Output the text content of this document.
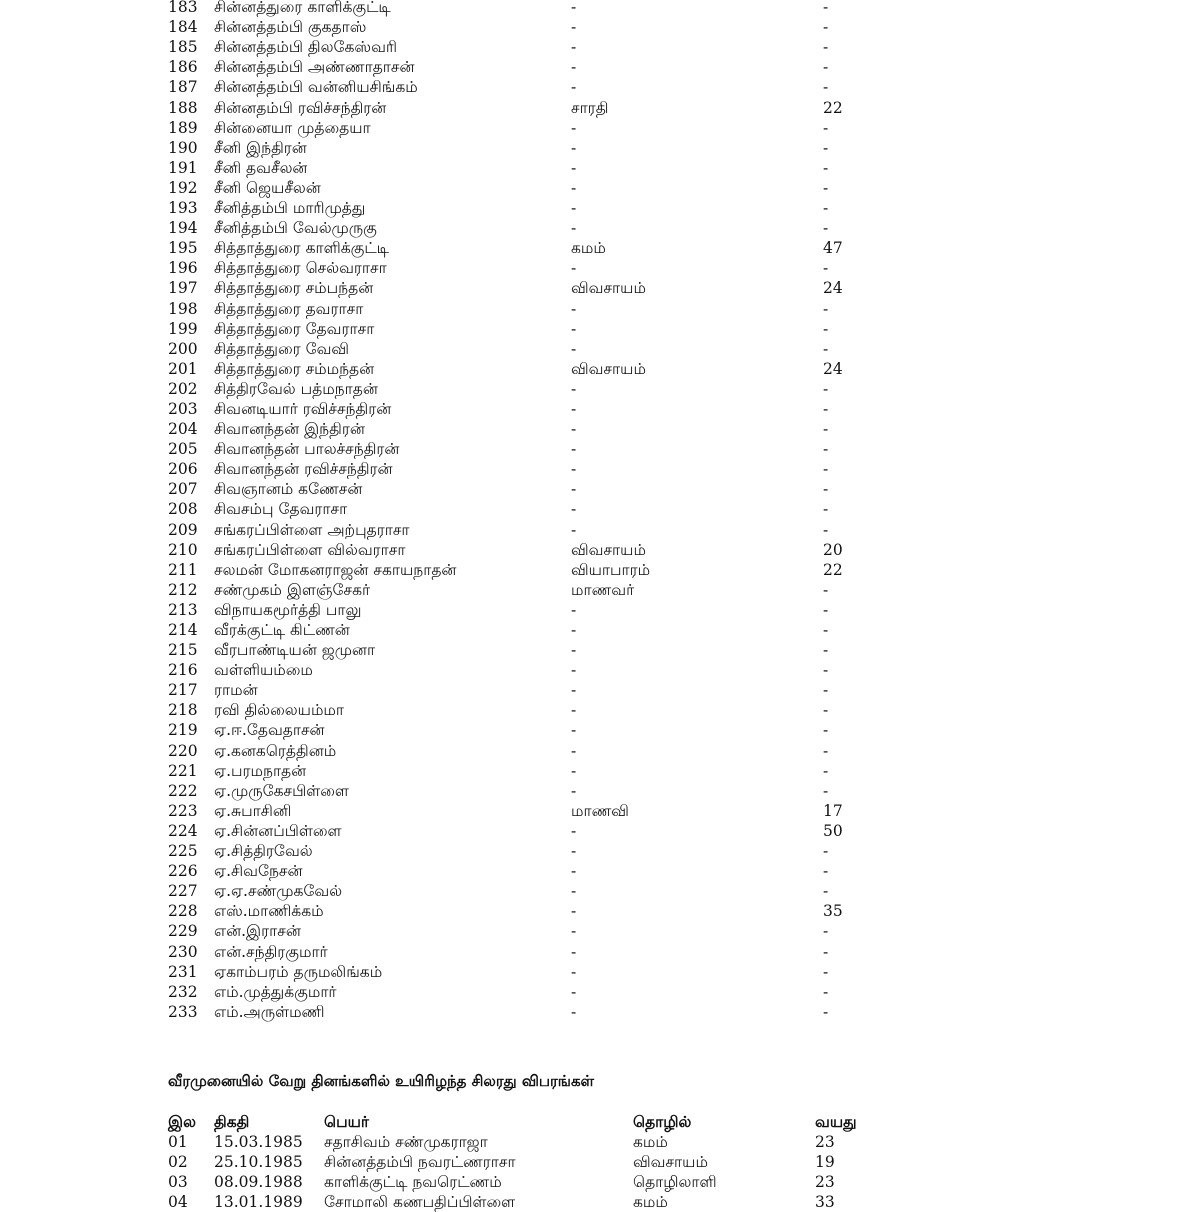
183 சின்னத்துரை காளிக்குட்டி	-	-
184 சின்னத்தம்பி குகதாஸ்	-	-
185 சின்னத்தம்பி திலகேஸ்வரி	-	-
186 சின்னத்தம்பி அண்ணாதாசன்	-	-
187 சின்னத்தம்பி வன்னியசிங்கம்	-	-
188 சின்னதம்பி ரவிச்சந்திரன்	சாரதி	22
189 சின்னையா முத்தையா	-	-
190 சீனி இந்திரன்	-	-
191 சீனி தவசீலன்	-	-
192 சீனி ஜெயசீலன்	-	-
193 சீனித்தம்பி மாரிமுத்து	-	-
194 சீனித்தம்பி வேல்முருகு	-	-
195 சித்தாத்துரை காளிக்குட்டி	கமம்	47
196 சித்தாத்துரை செல்வராசா	-	-
197 சித்தாத்துரை சம்பந்தன்	விவசாயம்	24
198 சித்தாத்துரை தவராசா	-	-
199 சித்தாத்துரை தேவராசா	-	-
200 சித்தாத்துரை வேவி	-	-
201 சித்தாத்துரை சம்மந்தன்	விவசாயம்	24
202 சித்திரவேல் பத்மநாதன்	-	-
203 சிவனடியார் ரவிச்சந்திரன்	-	-
204 சிவானந்தன் இந்திரன்	-	-
205 சிவானந்தன் பாலச்சந்திரன்	-	-
206 சிவானந்தன் ரவிச்சந்திரன்	-	-
207 சிவஞானம் கணேசன்	-	-
208 சிவசம்பு தேவராசா	-	-
209 சங்கரப்பிள்ளை அற்புதராசா	-	-
210 சங்கரப்பிள்ளை வில்வராசா	விவசாயம்	20
211 சலமன் மோகனராஜன் சகாயநாதன்	வியாபாரம்	22
212 சண்முகம் இளஞ்சேகர்	மாணவர்	-
213 விநாயகமூர்த்தி பாலு	-	-
214 வீரக்குட்டி கிட்ணன்	-	-
215 வீரபாண்டியன் ஜமுனா	-	-
216 வள்ளியம்மை	-	-
217 ராமன்	-	-
218 ரவி தில்லையம்மா	-	-
219 ஏ.ஈ.தேவதாசன்	-	-
220 ஏ.கனகரெத்தினம்	-	-
221 ஏ.பரமநாதன்	-	-
222 ஏ.முருகேசபிள்ளை	-	-
223 ஏ.சுபாசினி	மாணவி	17
224 ஏ.சின்னப்பிள்ளை	-	50
225 ஏ.சித்திரவேல்	-	-
226 ஏ.சிவநேசன்	-	-
227 ஏ.ஏ.சண்முகவேல்	-	-
228 எஸ்.மாணிக்கம்	-	35
229 என்.இராசன்	-	-
230 என்.சந்திரகுமார்	-	-
231 ஏகாம்பரம் தருமலிங்கம்	-	-
232 எம்.முத்துக்குமார்	-	-
233 எம்.அருள்மணி	-	-
வீரமுனையில் வேறு தினங்களில் உயிரிழந்த சிலரது விபரங்கள்
இல திகதி	பெயர்	தொழில்	வயது
01 15.03.1985 சதாசிவம் சண்முகராஜா	கமம்	23
02 25.10.1985 சின்னத்தம்பி நவரட்ணராசா	விவசாயம்	19
03 08.09.1988 காளிக்குட்டி நவரெட்ணம்	தொழிலாளி	23
04 13.01.1989 சோமாலி கணபதிப்பிள்ளை	கமம்	33
